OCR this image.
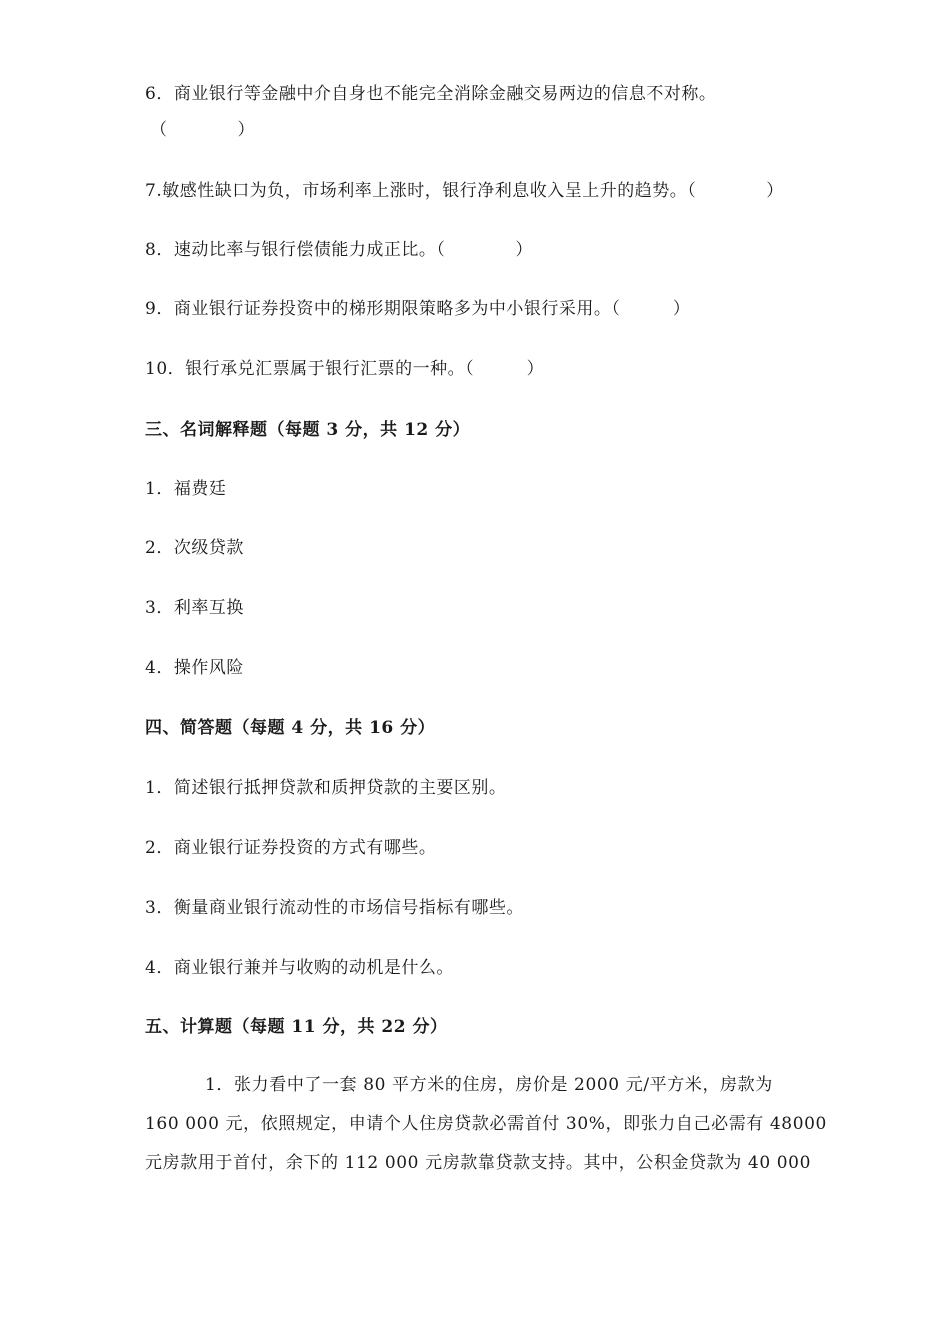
6．商业银行等金融中介自身也不能完全消除金融交易两边的信息不对称。
（　　　　）
7.敏感性缺口为负，市场利率上涨时，银行净利息收入呈上升的趋势。（　　　　）
8．速动比率与银行偿债能力成正比。（　　　　）
9．商业银行证券投资中的梯形期限策略多为中小银行采用。（　　　）
10．银行承兑汇票属于银行汇票的一种。（　　　）
三、名词解释题（每题 3 分，共 12 分）
1．福费廷
2．次级贷款
3．利率互换
4．操作风险
四、简答题（每题 4 分，共 16 分）
1．简述银行抵押贷款和质押贷款的主要区别。
2．商业银行证券投资的方式有哪些。
3．衡量商业银行流动性的市场信号指标有哪些。
4．商业银行兼并与收购的动机是什么。
五、计算题（每题 11 分，共 22 分）
1．张力看中了一套 80 平方米的住房，房价是 2000 元/平方米，房款为
160 000 元，依照规定，申请个人住房贷款必需首付 30%，即张力自己必需有 48000
元房款用于首付，余下的 112 000 元房款靠贷款支持。其中，公积金贷款为 40 000
